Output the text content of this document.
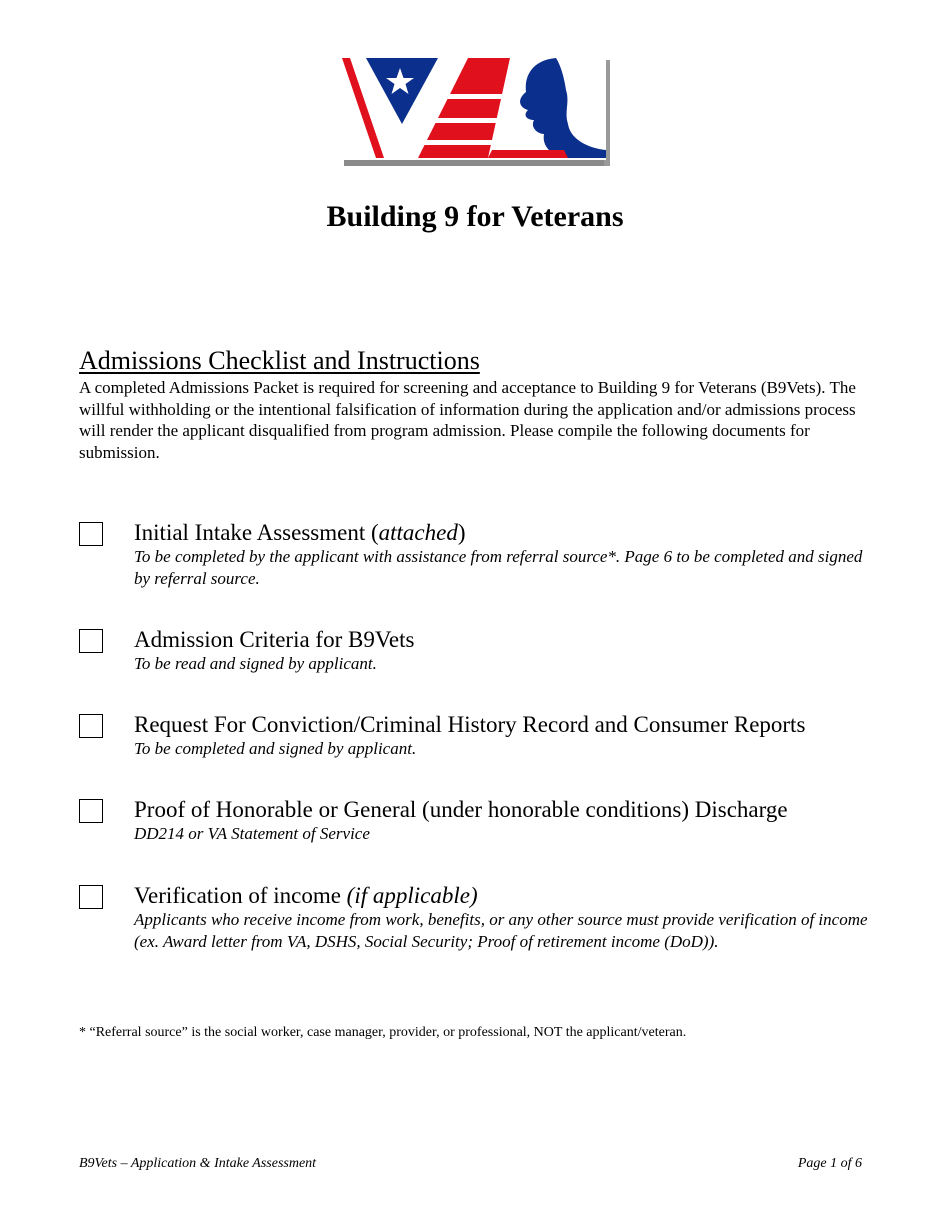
Building 9 for Veterans
Admissions Checklist and Instructions

A completed Admissions Packet is required for screening and acceptance to Building 9 for Veterans (B9Vets). The willful withholding or the intentional falsification of information during the application and/or admissions process will render the applicant disqualified from program admission. Please compile the following documents for submission.

Initial Intake Assessment (attached)

To be completed by the applicant with assistance from referral source*. Page 6 to be completed and signed by referral source.

Admission Criteria for B9Vets

To be read and signed by applicant.

Request For Conviction/Criminal History Record and Consumer Reports

To be completed and signed by applicant.

Proof of Honorable or General (under honorable conditions) Discharge

DD214 or VA Statement of Service

Verification of income (if applicable)

Applicants who receive income from work, benefits, or any other source must provide verification of income (ex. Award letter from VA, DSHS, Social Security; Proof of retirement income (DoD)).

* “Referral source” is the social worker, case manager, provider, or professional, NOT the applicant/veteran.

B9Vets – Application & Intake Assessment	Page 1 of 6
